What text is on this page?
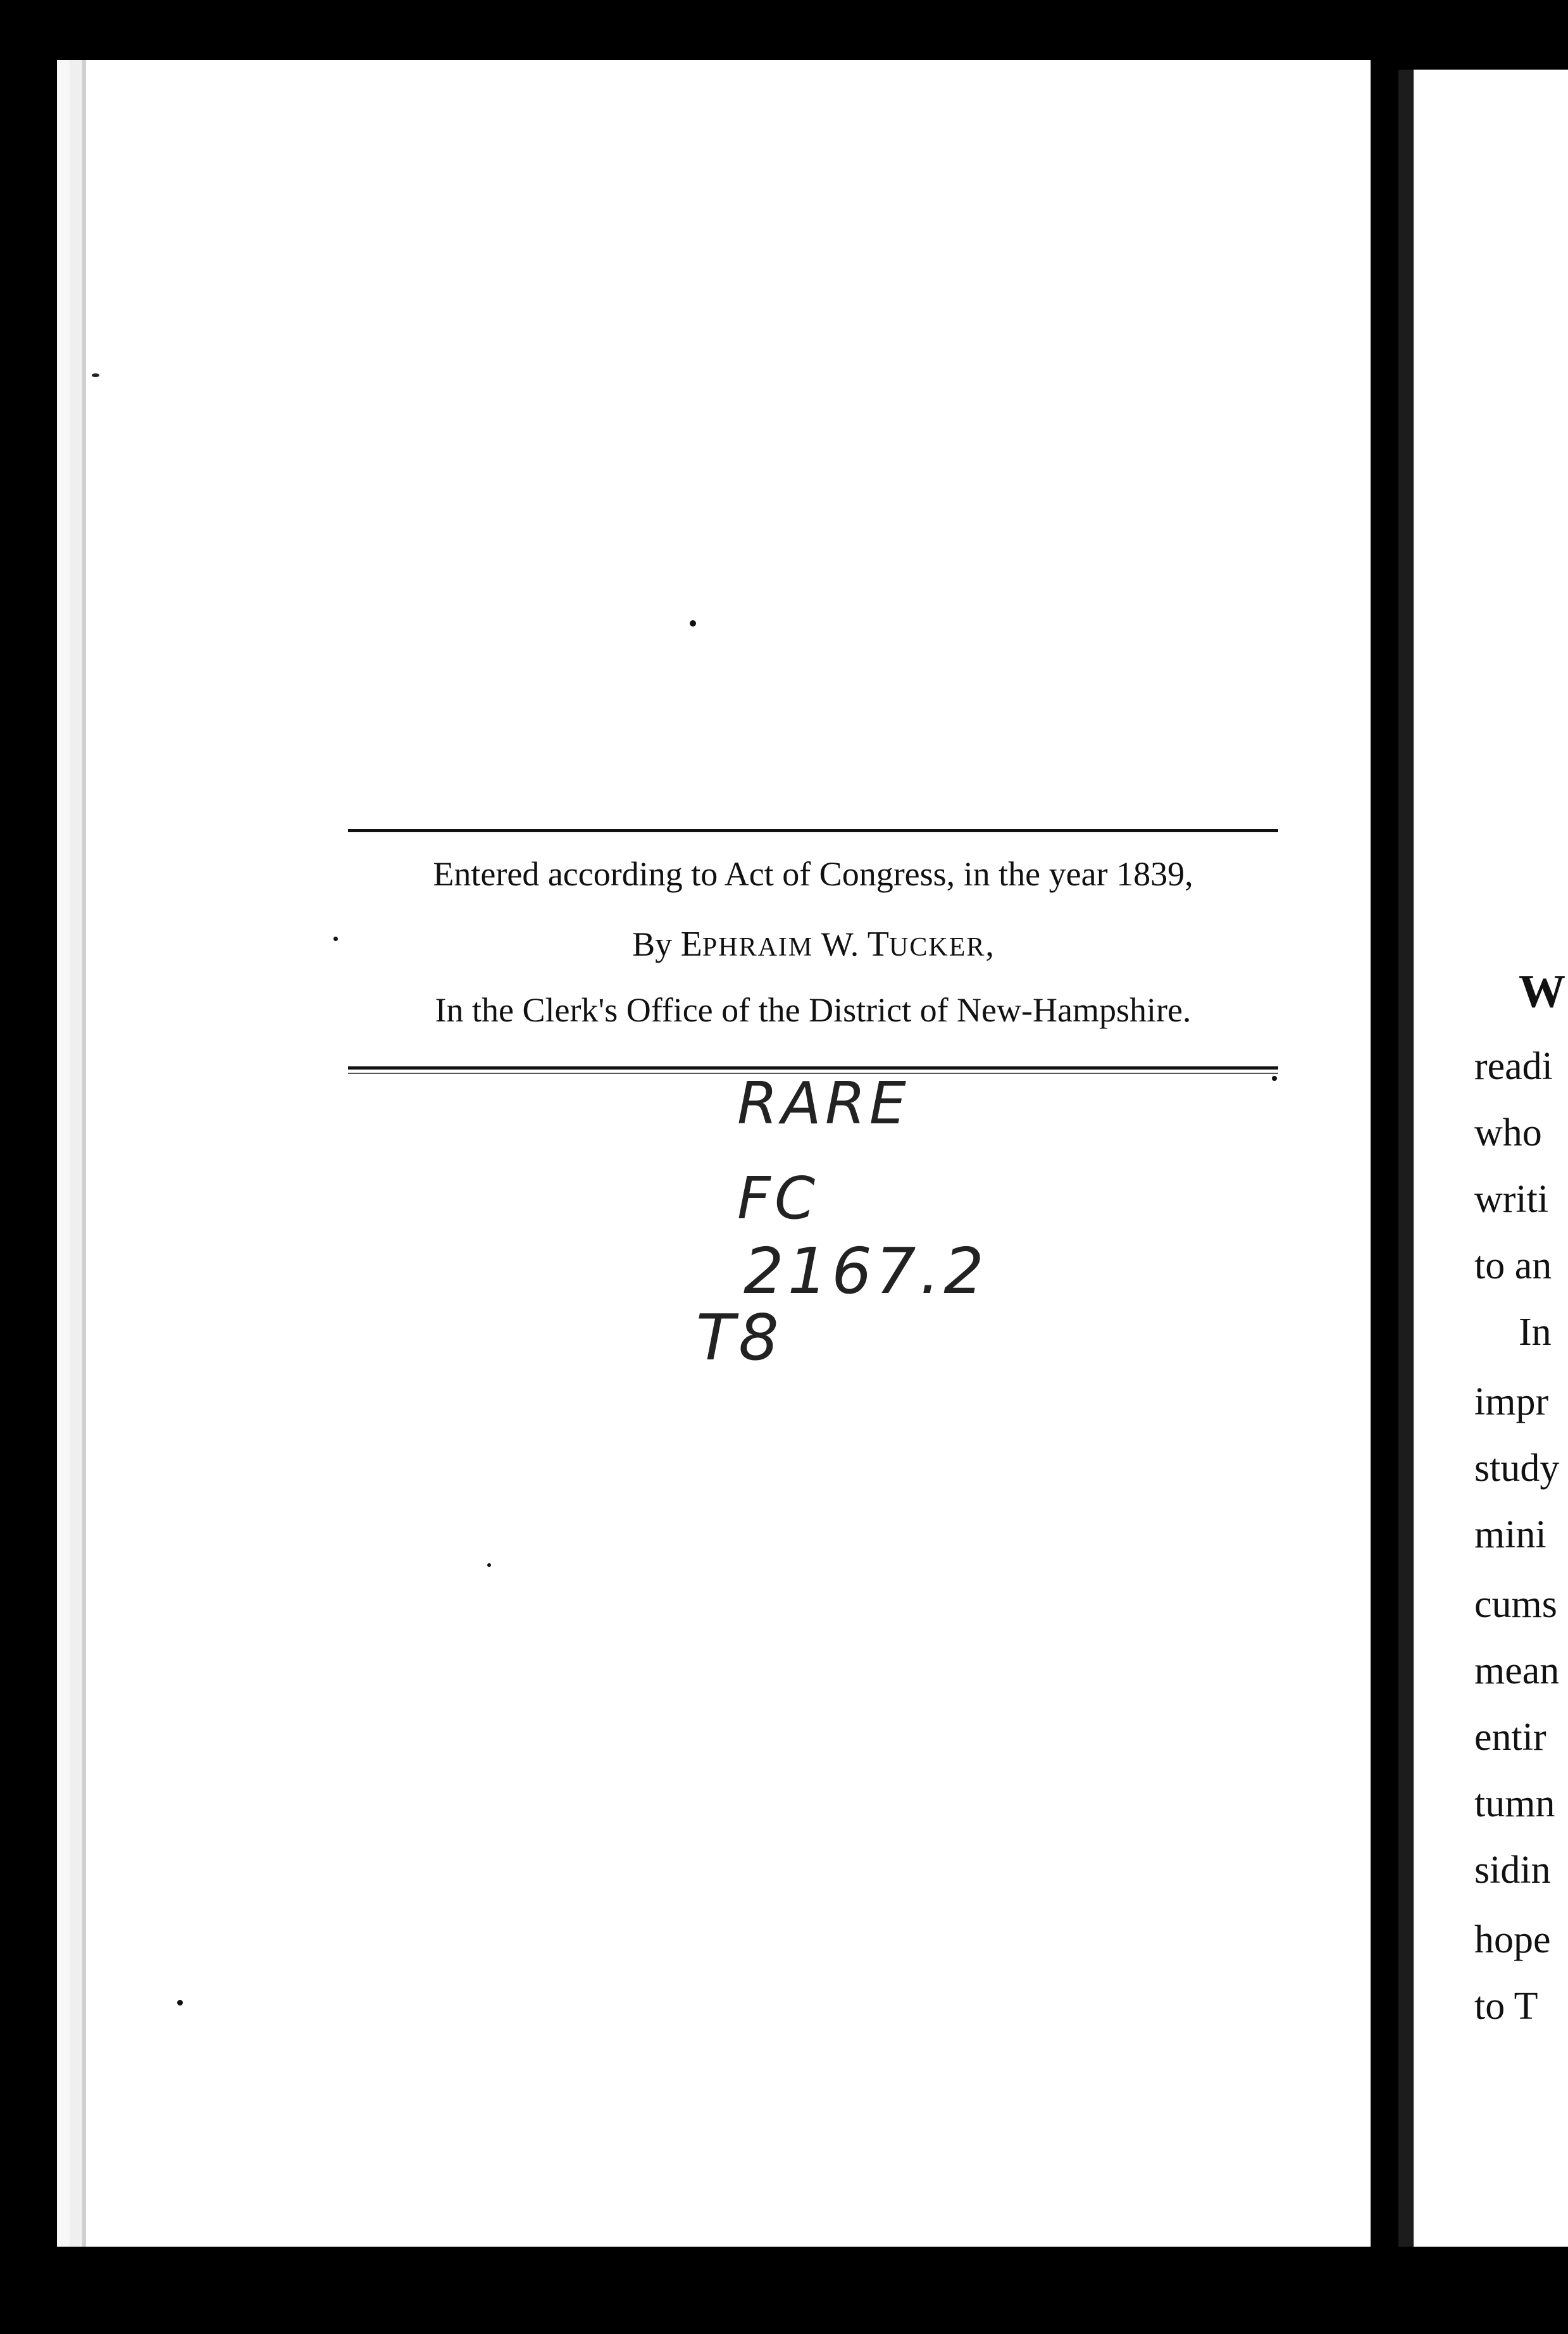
Entered according to Act of Congress, in the year 1839,
By EPHRAIM W. TUCKER,
In the Clerk's Office of the District of New-Hampshire.
RARE
FC
2167.2
T8
W
readi
who
writi
to an
In
impr
study
mini
cums
mean
entir
tumn
sidin
hope
to T
